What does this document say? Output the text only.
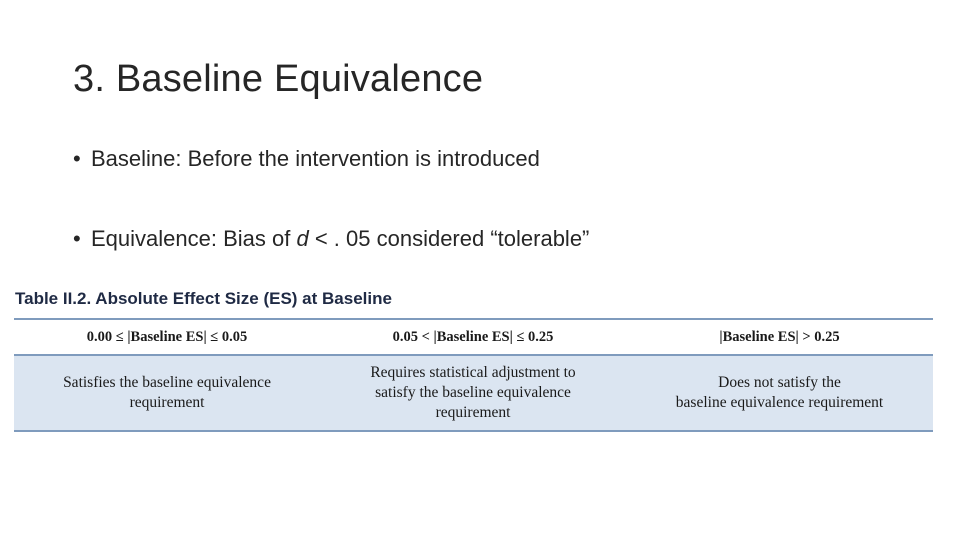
3. Baseline Equivalence
• Baseline: Before the intervention is introduced
• Equivalence: Bias of d < . 05 considered “tolerable”
Table II.2. Absolute Effect Size (ES) at Baseline
0.00 ≤ |Baseline ES| ≤ 0.05	0.05 < |Baseline ES| ≤ 0.25	|Baseline ES| > 0.25

Satisfies the baseline equivalence
requirement	Requires statistical adjustment to
satisfy the baseline equivalence
requirement	Does not satisfy the
baseline equivalence requirement
